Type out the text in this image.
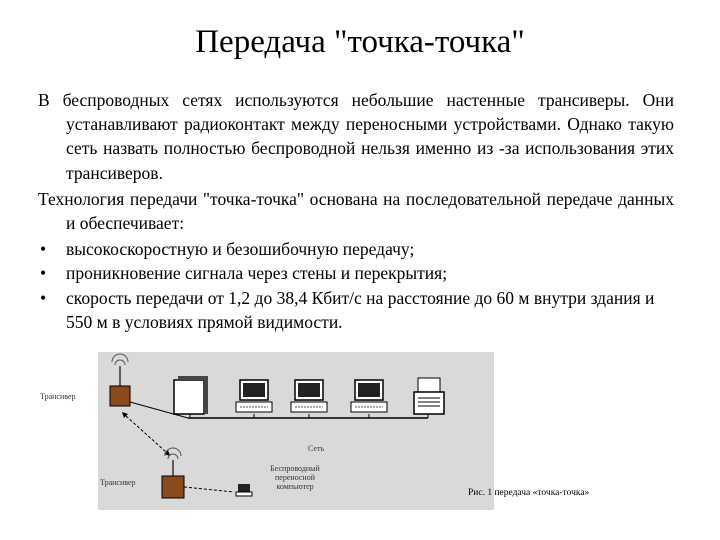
Передача "точка-точка"

В беспроводных сетях используются небольшие настенные трансиверы. Они устанавливают радиоконтакт между переносными устройствами. Однако такую сеть назвать полностью беспроводной нельзя именно из -за использования этих трансиверов.

Технология передачи "точка-точка" основана на последовательной передаче данных и обеспечивает:

• высокоскоростную и безошибочную передачу;
• проникновение сигнала через стены и перекрытия;
• скорость передачи от 1,2 до 38,4 Кбит/с на расстояние до 60 м внутри здания и 550 м в условиях прямой видимости.
Трансивер
Трансивер
Сеть
Беспроводный переносной компьютер
Рис. 1 передача «точка-точка»
